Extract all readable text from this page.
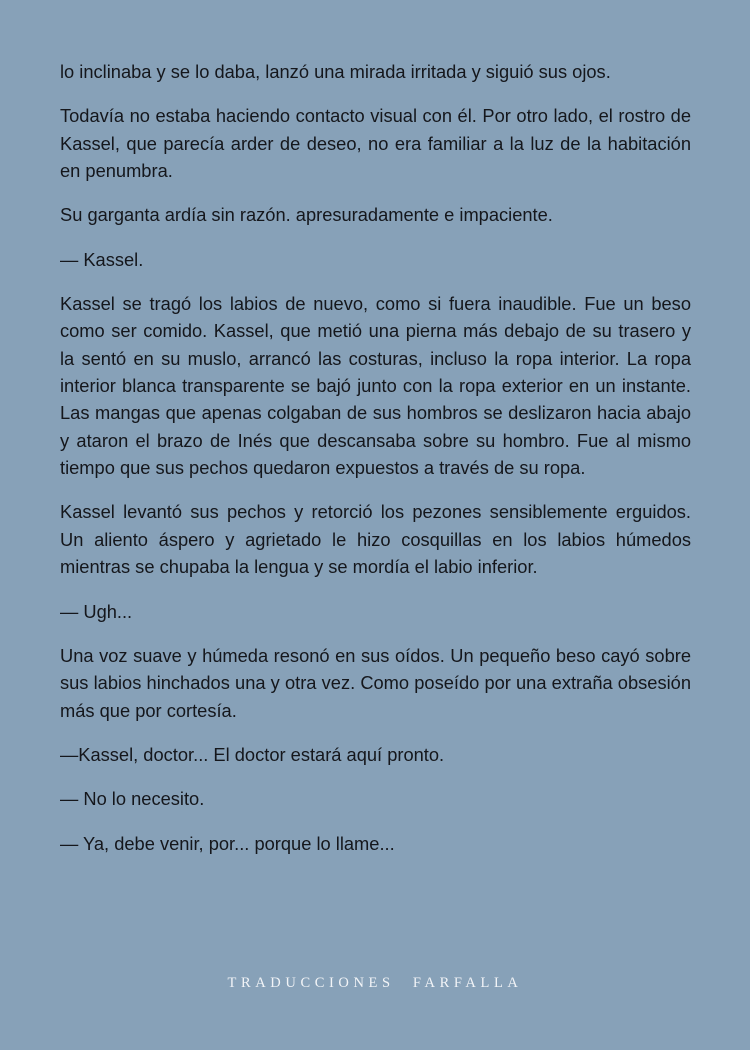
lo inclinaba y se lo daba, lanzó una mirada irritada y siguió sus ojos.

Todavía no estaba haciendo contacto visual con él. Por otro lado, el rostro de Kassel, que parecía arder de deseo, no era familiar a la luz de la habitación en penumbra.

Su garganta ardía sin razón. apresuradamente e impaciente.

— Kassel.

Kassel se tragó los labios de nuevo, como si fuera inaudible. Fue un beso como ser comido. Kassel, que metió una pierna más debajo de su trasero y la sentó en su muslo, arrancó las costuras, incluso la ropa interior. La ropa interior blanca transparente se bajó junto con la ropa exterior en un instante. Las mangas que apenas colgaban de sus hombros se deslizaron hacia abajo y ataron el brazo de Inés que descansaba sobre su hombro. Fue al mismo tiempo que sus pechos quedaron expuestos a través de su ropa.

Kassel levantó sus pechos y retorció los pezones sensiblemente erguidos. Un aliento áspero y agrietado le hizo cosquillas en los labios húmedos mientras se chupaba la lengua y se mordía el labio inferior.

— Ugh...

Una voz suave y húmeda resonó en sus oídos. Un pequeño beso cayó sobre sus labios hinchados una y otra vez. Como poseído por una extraña obsesión más que por cortesía.

—Kassel, doctor... El doctor estará aquí pronto.

— No lo necesito.

— Ya, debe venir, por... porque lo llame...

TRADUCCIONES FARFALLA
